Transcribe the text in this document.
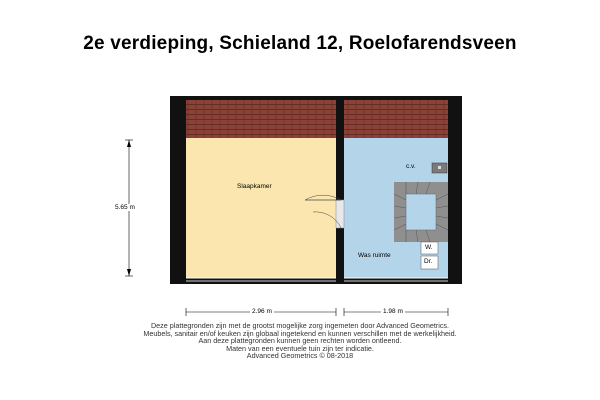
2e verdieping, Schieland 12, Roelofarendsveen
Slaapkamer
Was ruimte
c.v.
W.
Dr.
5.65 m
2.96 m	1.98 m
Deze plattegronden zijn met de grootst mogelijke zorg ingemeten door Advanced Geometrics.
Meubels, sanitair en/of keuken zijn globaal ingetekend en kunnen verschillen met de werkelijkheid.
Aan deze plattegronden kunnen geen rechten worden ontleend.
Maten van een eventuele tuin zijn ter indicatie.
Advanced Geometrics © 08-2018
